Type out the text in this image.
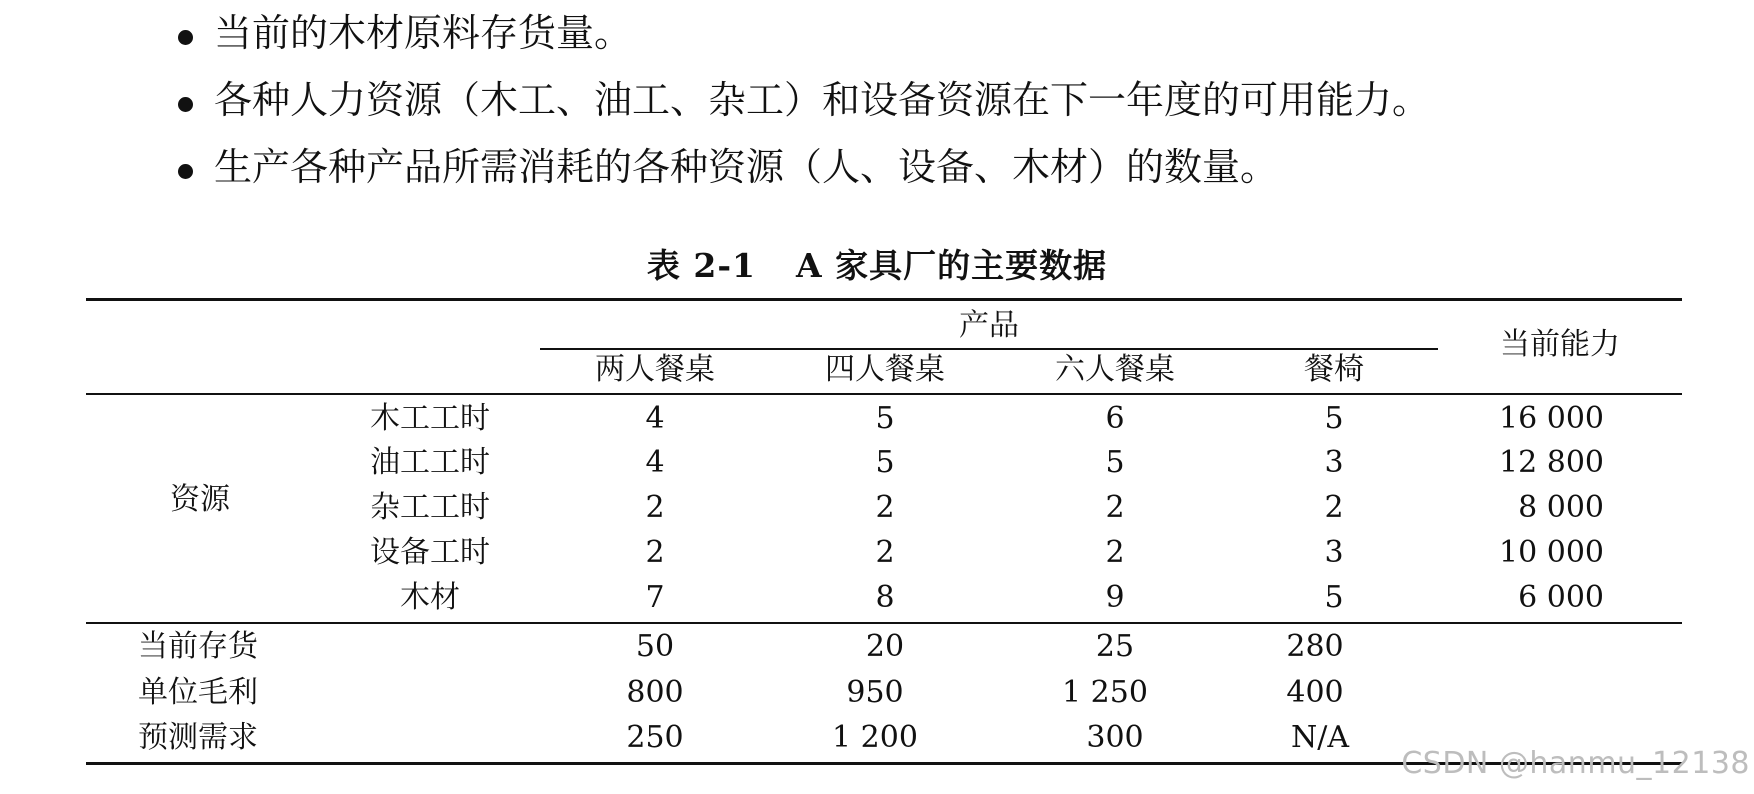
当前的木材原料存货量。
各种人力资源（木工、油工、杂工）和设备资源在下一年度的可用能力。
生产各种产品所需消耗的各种资源（人、设备、木材）的数量。
表 2-1 A 家具厂的主要数据
产品
当前能力
两人餐桌	四人餐桌	六人餐桌	餐椅
资源
木工工时	4	5	6	5	16 000
油工工时	4	5	5	3	12 800
杂工工时	2	2	2	2	8 000
设备工时	2	2	2	3	10 000
木材	7	8	9	5	6 000
当前存货	50	20	25	280
单位毛利	800	950	1 250	400
预测需求	250	1 200	300	N/A
CSDN @hanmu_12138
